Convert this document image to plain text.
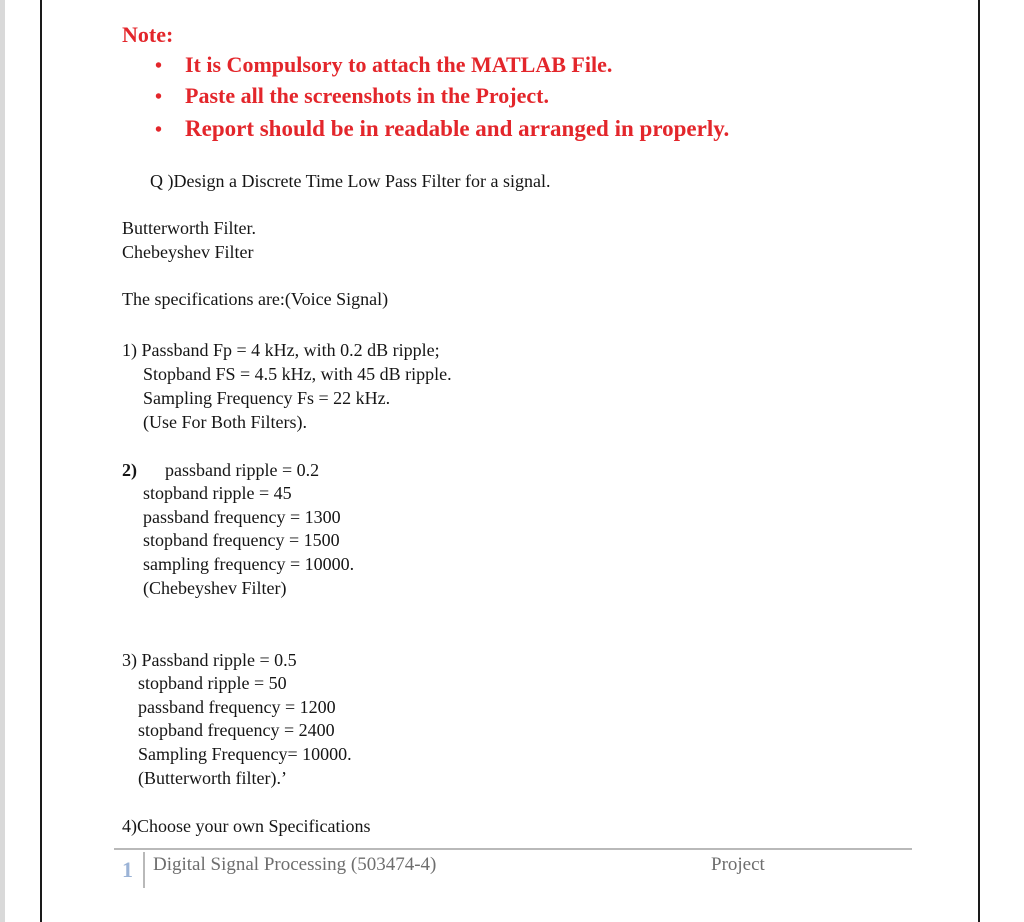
Note:
• It is Compulsory to attach the MATLAB File.
• Paste all the screenshots in the Project.
• Report should be in readable and arranged in properly.
Q )Design a Discrete Time Low Pass Filter for a signal.
Butterworth Filter.
Chebeyshev Filter
The specifications are:(Voice Signal)
1) Passband Fp = 4 kHz, with 0.2 dB ripple;
Stopband FS = 4.5 kHz, with 45 dB ripple.
Sampling Frequency Fs = 22 kHz.
(Use For Both Filters).
2) passband ripple = 0.2
stopband ripple = 45
passband frequency = 1300
stopband frequency = 1500
sampling frequency = 10000.
(Chebeyshev Filter)
3) Passband ripple = 0.5
stopband ripple = 50
passband frequency = 1200
stopband frequency = 2400
Sampling Frequency= 10000.
(Butterworth filter).’
4)Choose your own Specifications
1 Digital Signal Processing (503474-4)	Project
